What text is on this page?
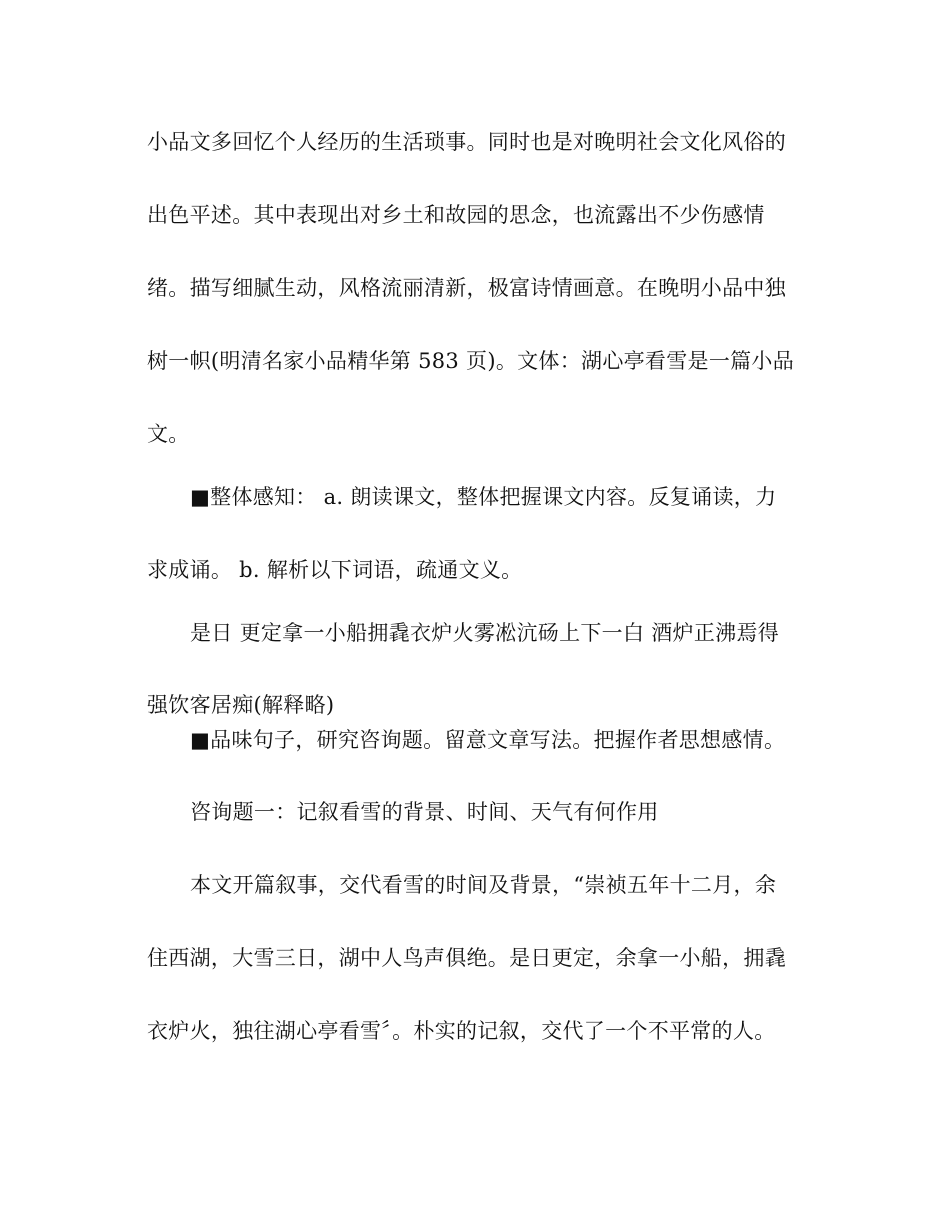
小品文多回忆个人经历的生活琐事。同时也是对晚明社会文化风俗的
出色平述。其中表现出对乡土和故园的思念，也流露出不少伤感情
绪。描写细腻生动，风格流丽清新，极富诗情画意。在晚明小品中独
树一帜(明清名家小品精华第 583 页)。文体：湖心亭看雪是一篇小品
文。
■整体感知： a. 朗读课文，整体把握课文内容。反复诵读，力
求成诵。 b. 解析以下词语，疏通文义。
是日 更定拿一小船拥毳衣炉火雾凇沆砀上下一白 酒炉正沸焉得
强饮客居痴(解释略)
■品味句子，研究咨询题。留意文章写法。把握作者思想感情。
咨询题一：记叙看雪的背景、时间、天气有何作用
本文开篇叙事，交代看雪的时间及背景，“崇祯五年十二月，余
住西湖，大雪三日，湖中人鸟声俱绝。是日更定，余拿一小船，拥毳
衣炉火，独往湖心亭看雪〞。朴实的记叙，交代了一个不平常的人。
